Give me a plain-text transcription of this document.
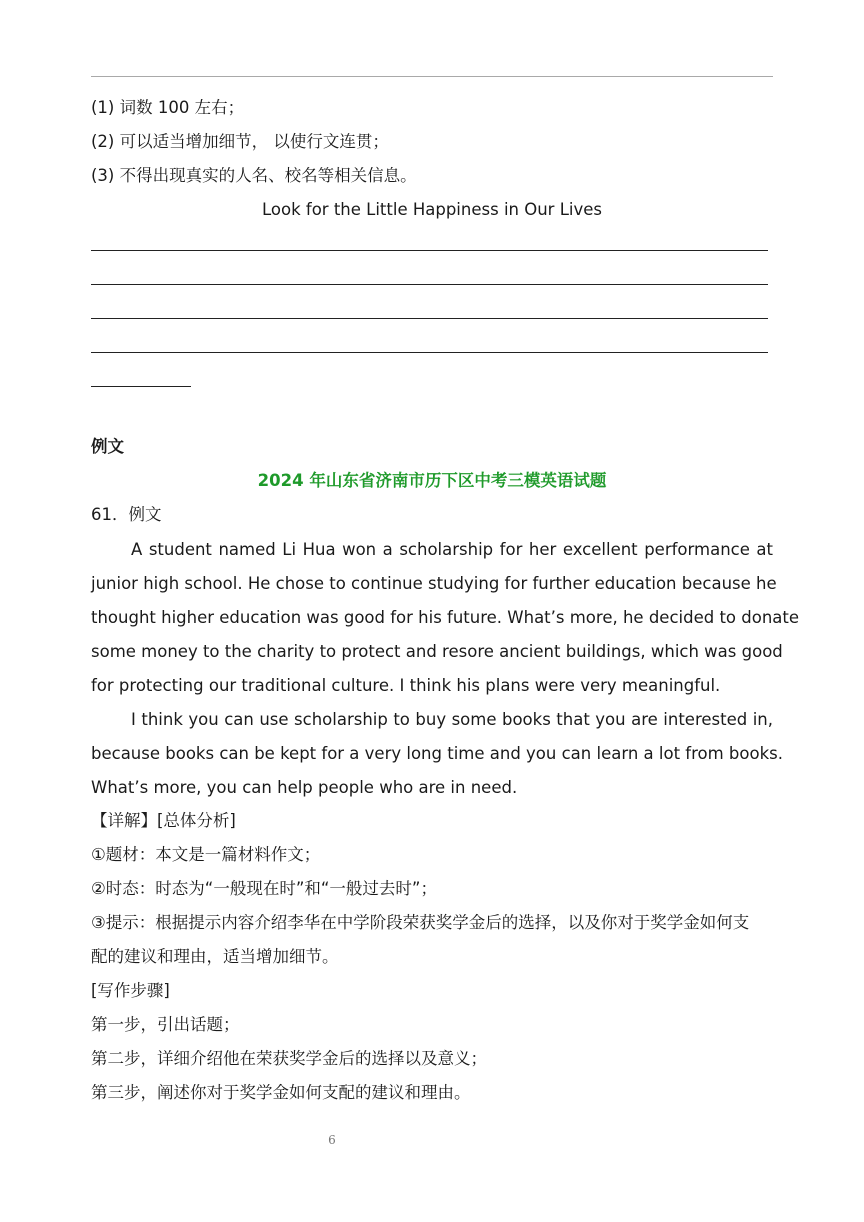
(1) 词数 100 左右；
(2) 可以适当增加细节， 以使行文连贯；
(3) 不得出现真实的人名、校名等相关信息。
Look for the Little Happiness in Our Lives
例文
2024 年山东省济南市历下区中考三模英语试题
61．例文
A student named Li Hua won a scholarship for her excellent performance at
junior high school. He chose to continue studying for further education because he
thought higher education was good for his future. What’s more, he decided to donate
some money to the charity to protect and resore ancient buildings, which was good
for protecting our traditional culture. I think his plans were very meaningful.
I think you can use scholarship to buy some books that you are interested in,
because books can be kept for a very long time and you can learn a lot from books.
What’s more, you can help people who are in need.
【详解】[总体分析]
①题材：本文是一篇材料作文；
②时态：时态为“一般现在时”和“一般过去时”；
③提示：根据提示内容介绍李华在中学阶段荣获奖学金后的选择，以及你对于奖学金如何支
配的建议和理由，适当增加细节。
[写作步骤]
第一步，引出话题；
第二步，详细介绍他在荣获奖学金后的选择以及意义；
第三步，阐述你对于奖学金如何支配的建议和理由。
6
